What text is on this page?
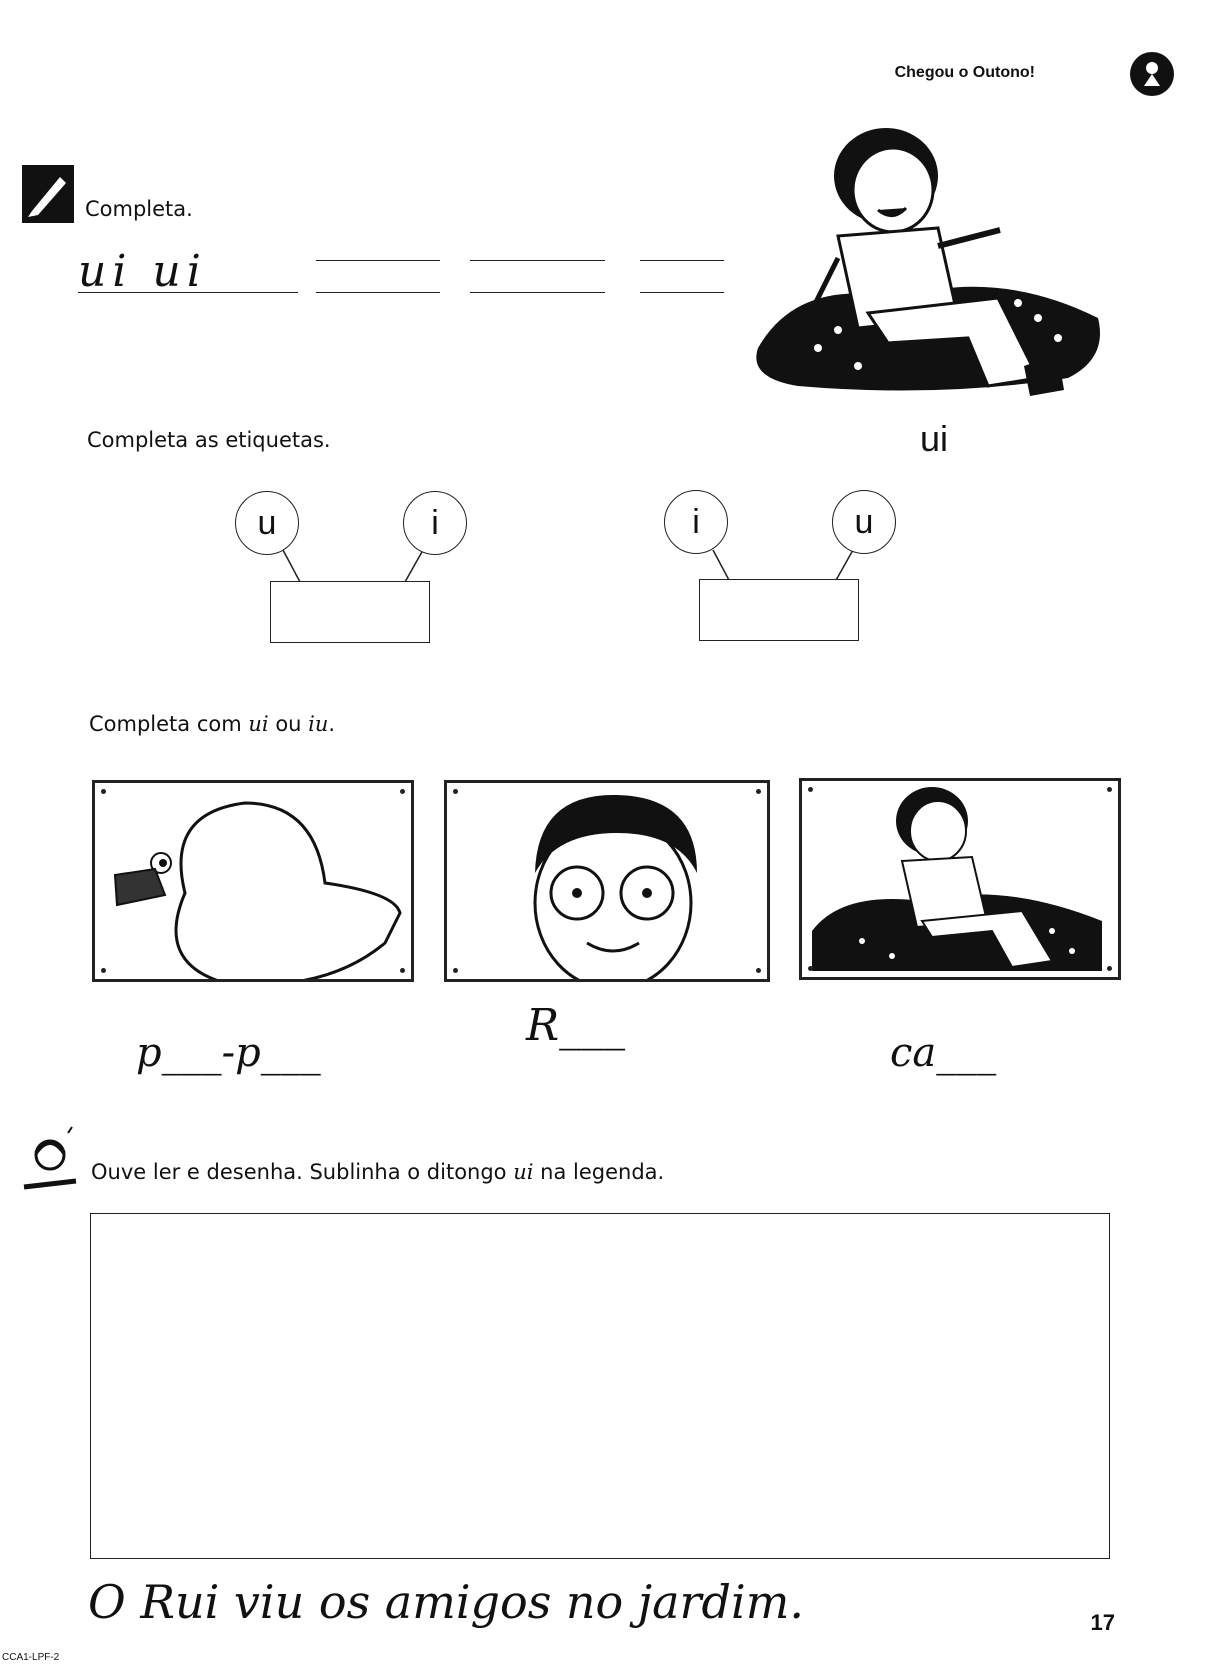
Chegou o Outono!
Completa.
ui ui
Completa as etiquetas.	ui
u	i	i	u
Completa com ui ou iu.
p___-p___
R___
ca___
Ouve ler e desenha. Sublinha o ditongo ui na legenda.
O Rui viu os amigos no jardim.	17
CCA1-LPF-2
